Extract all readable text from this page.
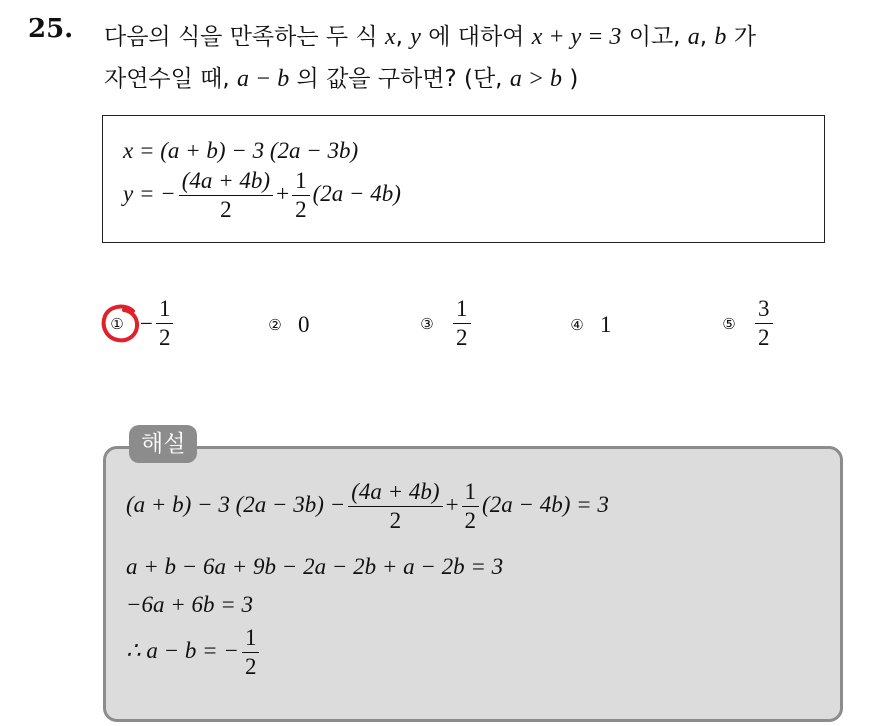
25. 다음의 식을 만족하는 두 식 x, y 에 대하여 x + y = 3 이고, a, b 가
자연수일 때, a − b 의 값을 구하면? (단, a > b )
x = (a + b) − 3 (2a − 3b)
y = − $\frac{(4a + 4b)}{2} + \frac{1}{2} (2a - 4b)$
① − $\frac{1}{2}$	② 0	③ $\frac{1}{2}$	④ 1	⑤ $\frac{3}{2}$
(a + b) − 3 $(2a - 3b) - \frac{(4a + 4b)}{2} + \frac{1}{2} (2a - 4b) = 3$
a + b − 6a + 9b − 2a − 2b + a − 2b = 3
−6a + 6b = 3
∴ a − b = − $\frac{1}{2}$
해설
